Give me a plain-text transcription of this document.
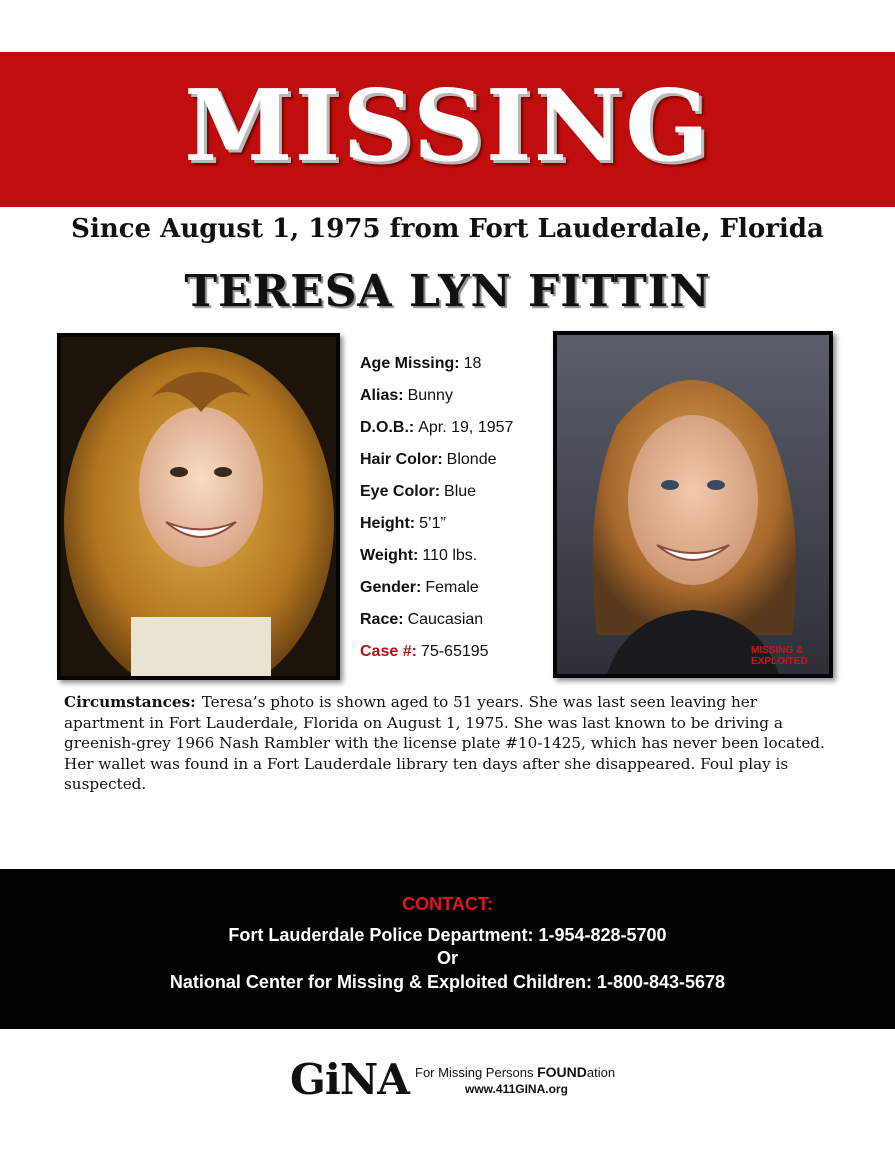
MISSING
Since August 1, 1975 from Fort Lauderdale, Florida
TERESA LYN FITTIN
Age Missing: 18
Alias: Bunny
D.O.B.: Apr. 19, 1957
Hair Color: Blonde
Eye Color: Blue
Height: 5’1”
Weight: 110 lbs.
Gender: Female
Race: Caucasian
Case #: 75-65195	MISSING &
EXPLOITED
Circumstances: Teresa’s photo is shown aged to 51 years. She was last seen leaving her apartment in Fort Lauderdale, Florida on August 1, 1975. She was last known to be driving a greenish-grey 1966 Nash Rambler with the license plate #10-1425, which has never been located. Her wallet was found in a Fort Lauderdale library ten days after she disappeared. Foul play is suspected.
CONTACT:
Fort Lauderdale Police Department: 1-954-828-5700
Or
National Center for Missing & Exploited Children: 1-800-843-5678
GiNA For Missing Persons FOUNDation
www.411GINA.org
